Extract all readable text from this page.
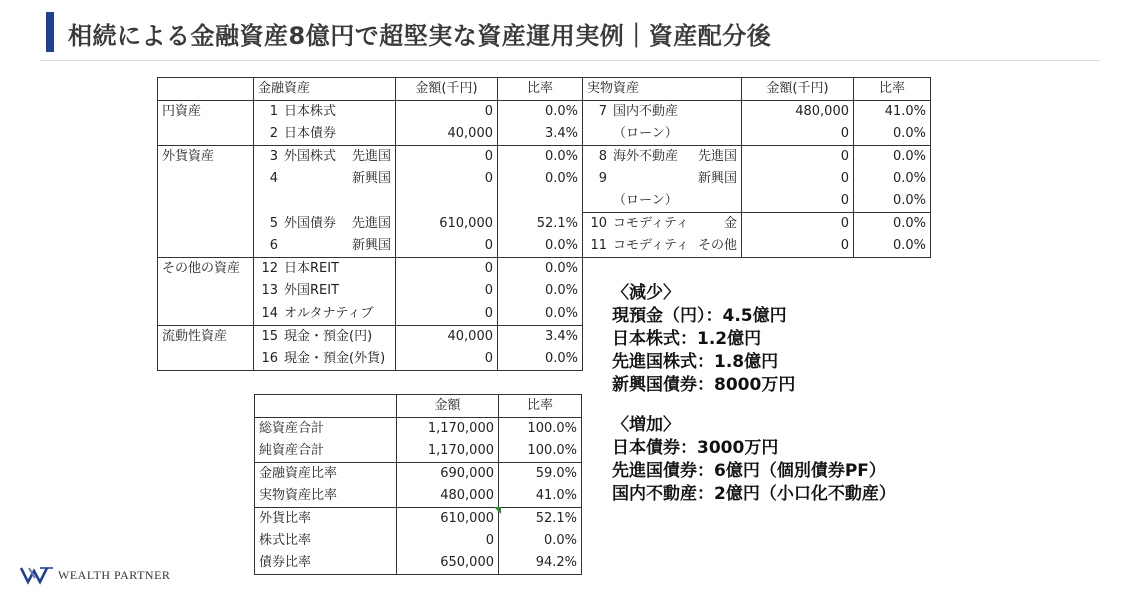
相続による金融資産8億円で超堅実な資産運用実例｜資産配分後
	金融資産	金額(千円)	比率	実物資産	金額(千円)	比率
円資産	1 日本株式	0	0.0%	7 国内不動産	480,000	41.0%

	2 日本債券	40,000	3.4%	（ローン）	0	0.0%
外貨資産	3 外国株式 先進国	0	0.0%	8 海外不動産 先進国	0	0.0%

	4 新興国	0	0.0%	9 新興国	0	0.0%

				（ローン）	0	0.0%

	5 外国債券 先進国	610,000	52.1%	10 コモディティ 金	0	0.0%

	6 新興国	0	0.0%	11 コモディティ その他	0	0.0%
その他の資産	12 日本REIT	0	0.0%			

	13 外国REIT	0	0.0%			

	14 オルタナティブ	0	0.0%			
流動性資産	15 現金・預金(円)	40,000	3.4%			

	16 現金・預金(外貨)	0	0.0%			
	金額	比率
総資産合計	1,170,000	100.0%
純資産合計	1,170,000	100.0%
金融資産比率	690,000	59.0%
実物資産比率	480,000	41.0%
外貨比率	610,000	52.1%
株式比率	0	0.0%
債券比率	650,000	94.2%
〈減少〉
現預金（円）：4.5億円
日本株式：1.2億円
先進国株式：1.8億円
新興国債券：8000万円
〈増加〉
日本債券：3000万円
先進国債券：6億円（個別債券PF）
国内不動産：2億円（小口化不動産）
WEALTH PARTNER
